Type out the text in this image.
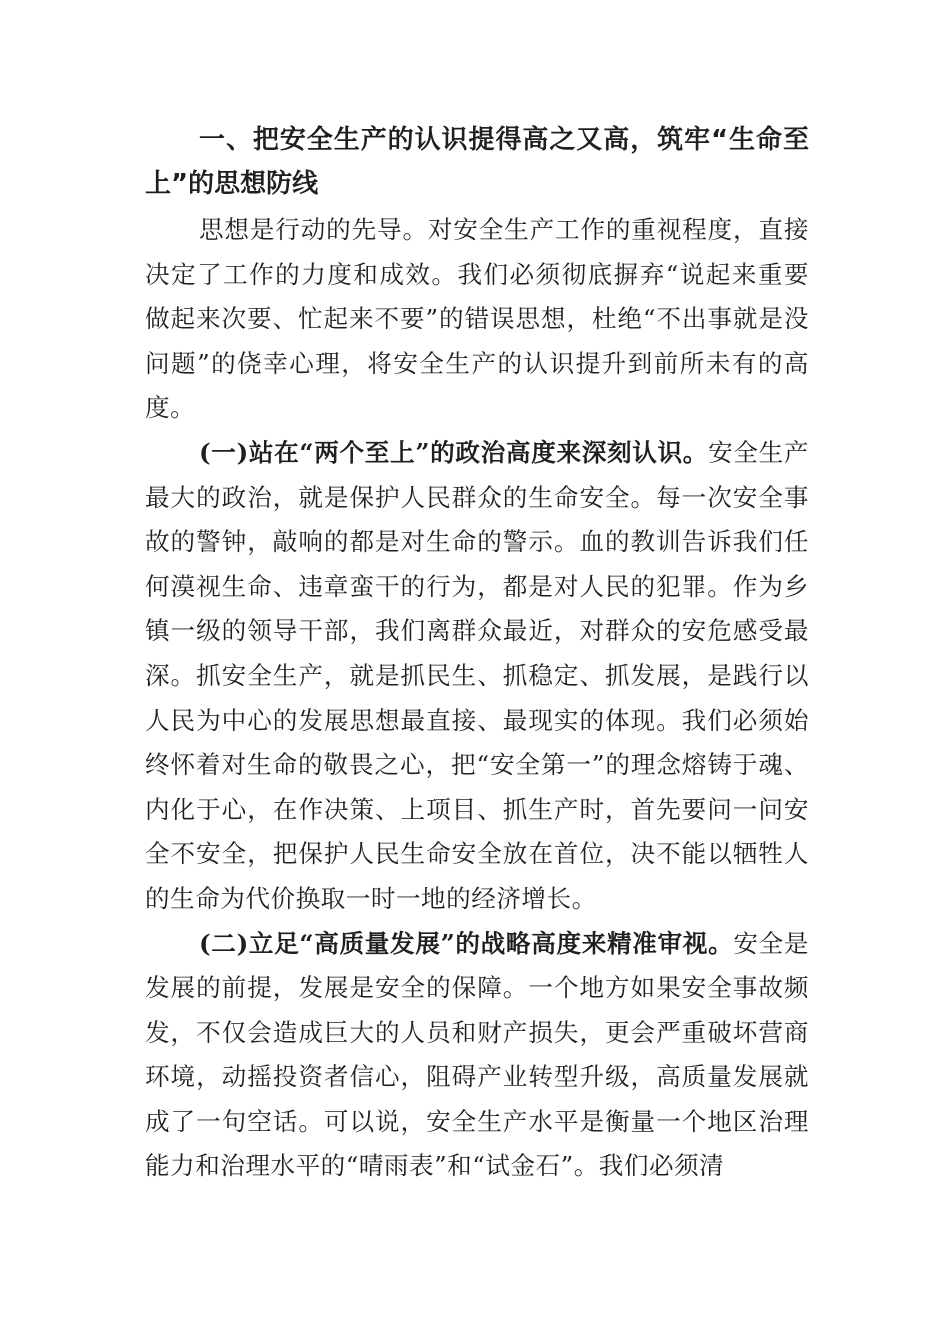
一、把安全生产的认识提得高之又高，筑牢“生命至上”的思想防线

思想是行动的先导。对安全生产工作的重视程度，直接决定了工作的力度和成效。我们必须彻底摒弃“说起来重要做起来次要、忙起来不要”的错误思想，杜绝“不出事就是没问题”的侥幸心理，将安全生产的认识提升到前所未有的高度。

(一)站在“两个至上”的政治高度来深刻认识。安全生产最大的政治，就是保护人民群众的生命安全。每一次安全事故的警钟，敲响的都是对生命的警示。血的教训告诉我们任何漠视生命、违章蛮干的行为，都是对人民的犯罪。作为乡镇一级的领导干部，我们离群众最近，对群众的安危感受最深。抓安全生产，就是抓民生、抓稳定、抓发展，是践行以人民为中心的发展思想最直接、最现实的体现。我们必须始终怀着对生命的敬畏之心，把“安全第一”的理念熔铸于魂、内化于心，在作决策、上项目、抓生产时，首先要问一问安全不安全，把保护人民生命安全放在首位，决不能以牺牲人的生命为代价换取一时一地的经济增长。

(二)立足“高质量发展”的战略高度来精准审视。安全是发展的前提，发展是安全的保障。一个地方如果安全事故频发，不仅会造成巨大的人员和财产损失，更会严重破坏营商环境，动摇投资者信心，阻碍产业转型升级，高质量发展就成了一句空话。可以说，安全生产水平是衡量一个地区治理能力和治理水平的“晴雨表”和“试金石”。我们必须清
